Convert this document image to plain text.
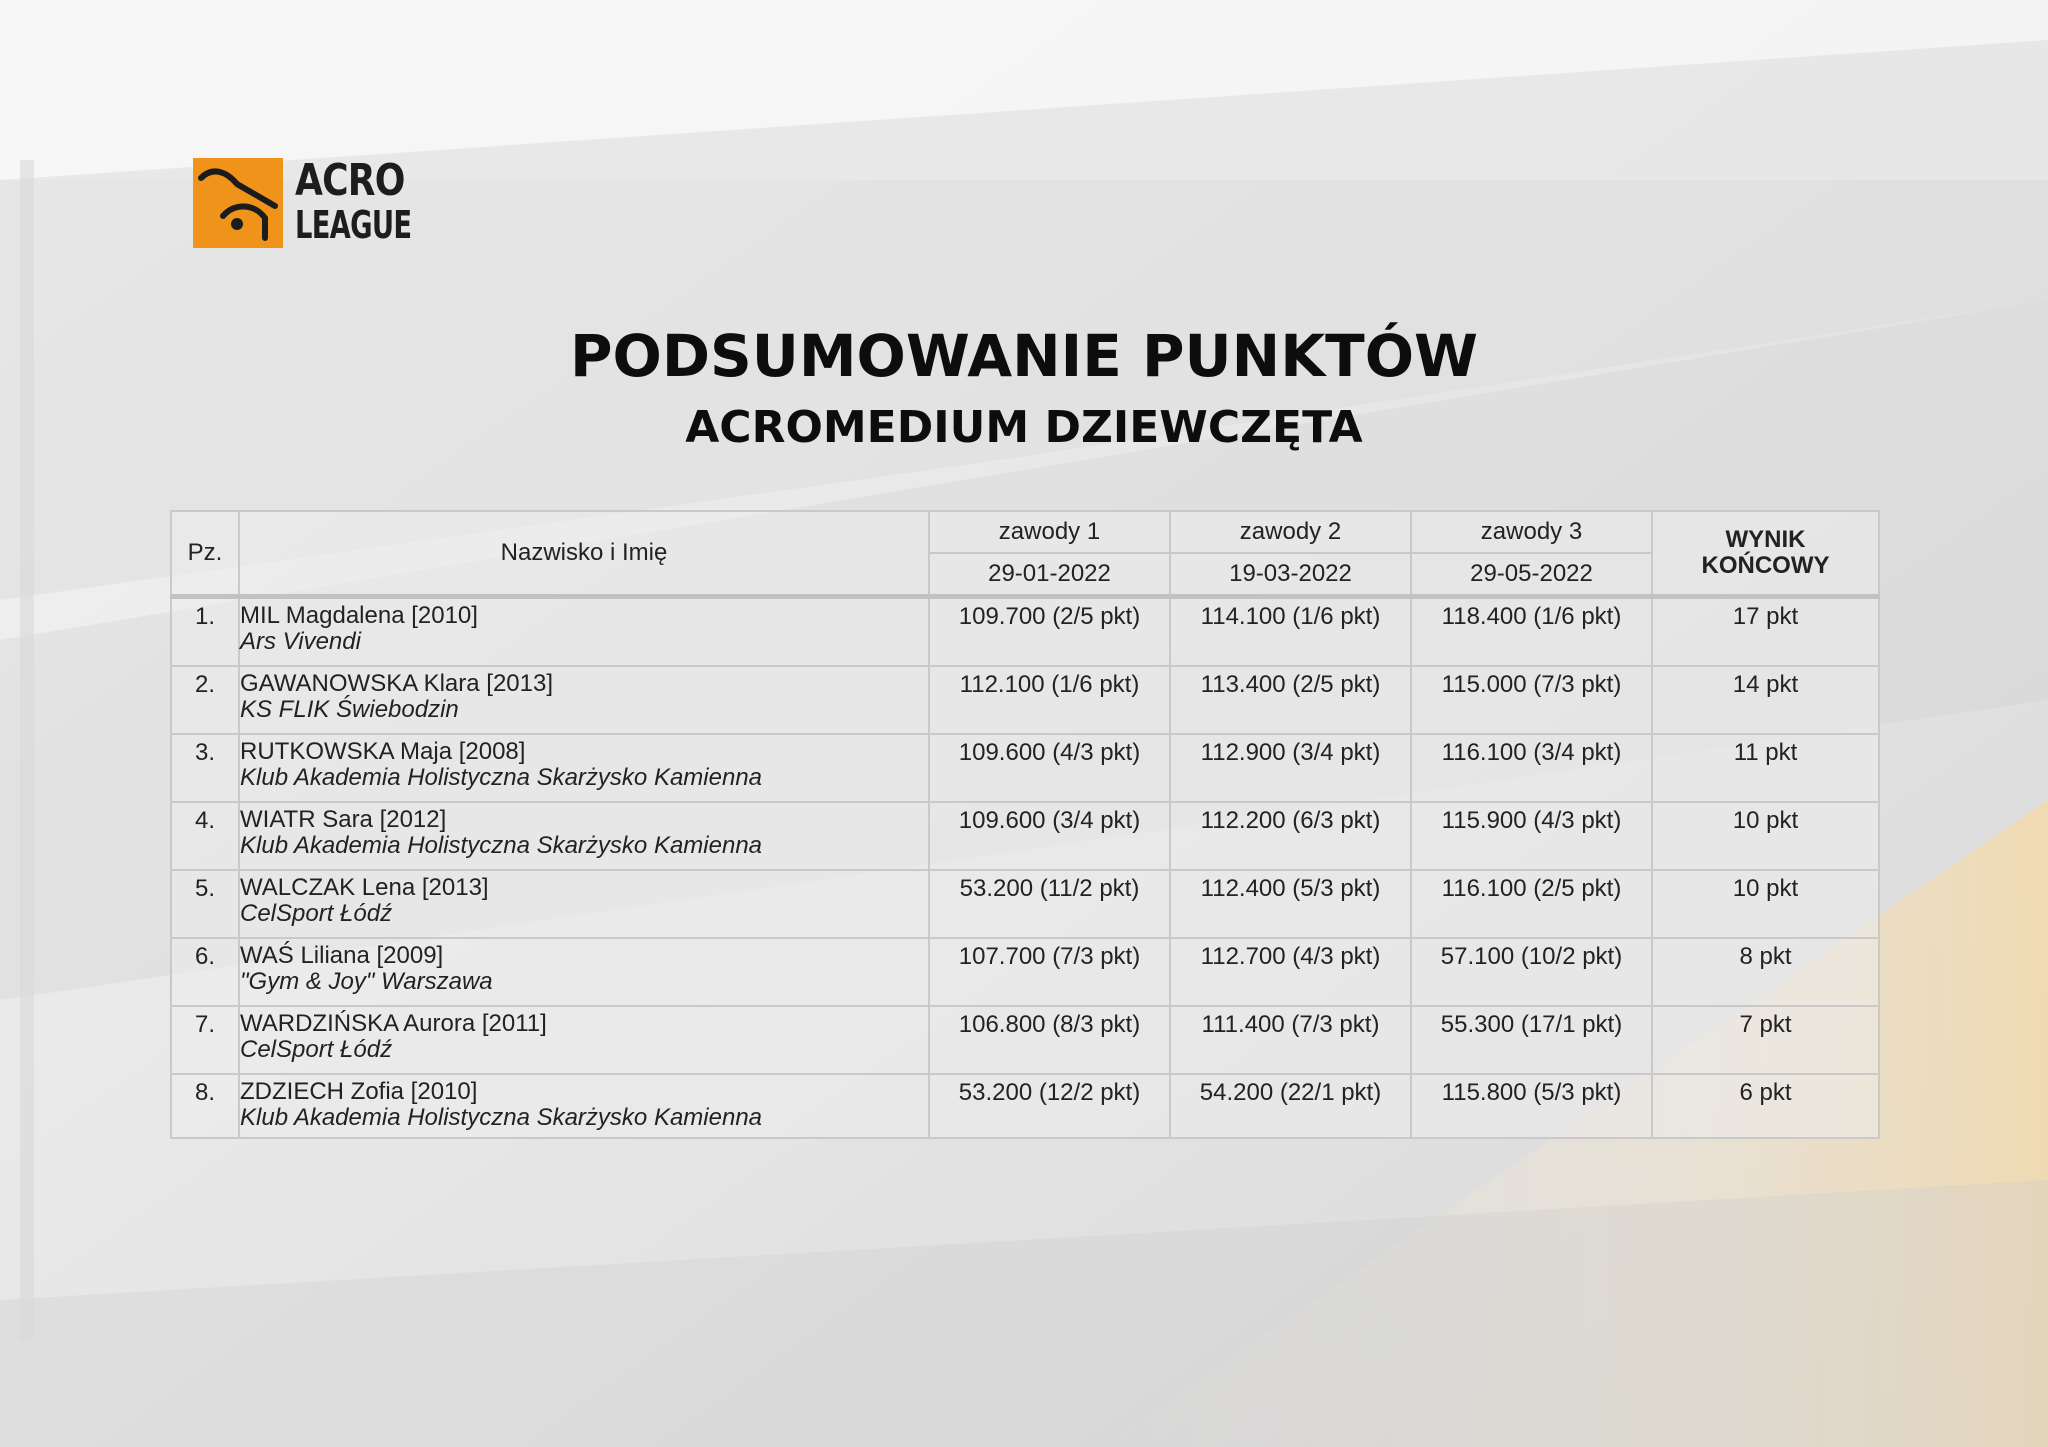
ACRO
LEAGUE
PODSUMOWANIE PUNKTÓW
ACROMEDIUM DZIEWCZĘTA
Pz.	Nazwisko i Imię	zawody 1	zawody 2	zawody 3	WYNIK
KOŃCOWY

		29-01-2022	19-03-2022	29-05-2022	
1.	MIL Magdalena [2010]
Ars Vivendi	109.700 (2/5 pkt)	114.100 (1/6 pkt)	118.400 (1/6 pkt)	17 pkt
2.	GAWANOWSKA Klara [2013]
KS FLIK Świebodzin	112.100 (1/6 pkt)	113.400 (2/5 pkt)	115.000 (7/3 pkt)	14 pkt
3.	RUTKOWSKA Maja [2008]
Klub Akademia Holistyczna Skarżysko Kamienna	109.600 (4/3 pkt)	112.900 (3/4 pkt)	116.100 (3/4 pkt)	11 pkt
4.	WIATR Sara [2012]
Klub Akademia Holistyczna Skarżysko Kamienna	109.600 (3/4 pkt)	112.200 (6/3 pkt)	115.900 (4/3 pkt)	10 pkt
5.	WALCZAK Lena [2013]
CelSport Łódź	53.200 (11/2 pkt)	112.400 (5/3 pkt)	116.100 (2/5 pkt)	10 pkt
6.	WAŚ Liliana [2009]
"Gym & Joy" Warszawa	107.700 (7/3 pkt)	112.700 (4/3 pkt)	57.100 (10/2 pkt)	8 pkt
7.	WARDZIŃSKA Aurora [2011]
CelSport Łódź	106.800 (8/3 pkt)	111.400 (7/3 pkt)	55.300 (17/1 pkt)	7 pkt
8.	ZDZIECH Zofia [2010]
Klub Akademia Holistyczna Skarżysko Kamienna	53.200 (12/2 pkt)	54.200 (22/1 pkt)	115.800 (5/3 pkt)	6 pkt
